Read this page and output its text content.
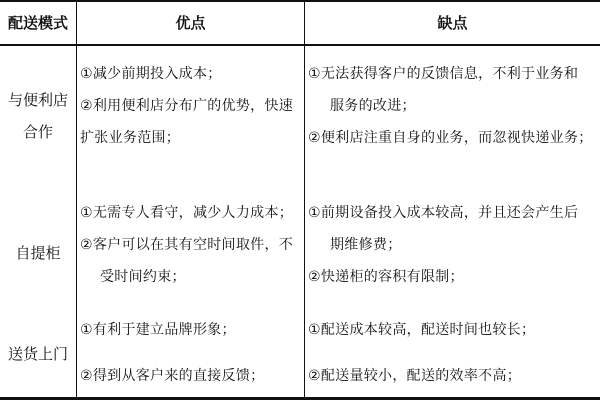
配送模式	优点	缺点
与便利店
合作
①减少前期投入成本；
②利用便利店分布广的优势，快速
扩张业务范围；
①无法获得客户的反馈信息，不利于业务和
服务的改进；
②便利店注重自身的业务，而忽视快递业务；
自提柜
①无需专人看守，减少人力成本；
②客户可以在其有空时间取件，不
受时间约束；
①前期设备投入成本较高，并且还会产生后
期维修费；
②快递柜的容积有限制；
送货上门
①有利于建立品牌形象；
②得到从客户来的直接反馈；
①配送成本较高，配送时间也较长；
②配送量较小，配送的效率不高；
